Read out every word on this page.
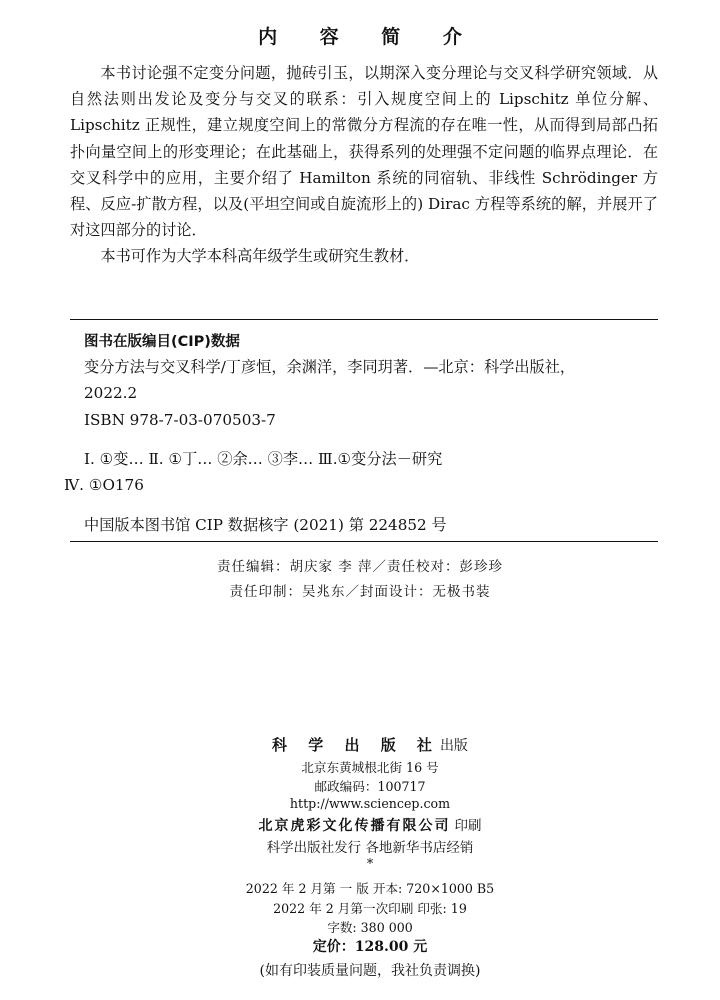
内 容 简 介

本书讨论强不定变分问题，抛砖引玉，以期深入变分理论与交叉科学研究领域．从自然法则出发论及变分与交叉的联系：引入规度空间上的 Lipschitz 单位分解、Lipschitz 正规性，建立规度空间上的常微分方程流的存在唯一性，从而得到局部凸拓扑向量空间上的形变理论；在此基础上，获得系列的处理强不定问题的临界点理论．在交叉科学中的应用，主要介绍了 Hamilton 系统的同宿轨、非线性 Schrödinger 方程、反应-扩散方程，以及(平坦空间或自旋流形上的) Dirac 方程等系统的解，并展开了对这四部分的讨论．

本书可作为大学本科高年级学生或研究生教材．

图书在版编目(CIP)数据
变分方法与交叉科学/丁彦恒，余渊洋，李同玥著．—北京：科学出版社，
2022.2
ISBN 978-7-03-070503-7
Ⅰ. ①变… Ⅱ. ①丁… ②余… ③李… Ⅲ.①变分法－研究
Ⅳ. ①O176
中国版本图书馆 CIP 数据核字 (2021) 第 224852 号
责任编辑：胡庆家 李 萍／责任校对：彭珍珍
责任印制：吴兆东／封面设计：无极书装
科 学 出 版 社出版
北京东黄城根北街 16 号
邮政编码：100717
http://www.sciencep.com
北京虎彩文化传播有限公司 印刷
科学出版社发行 各地新华书店经销
*
2022 年 2 月第 一 版 开本: 720×1000 B5
2022 年 2 月第一次印刷 印张: 19
字数: 380 000
定价：128.00 元
(如有印装质量问题，我社负责调换)
